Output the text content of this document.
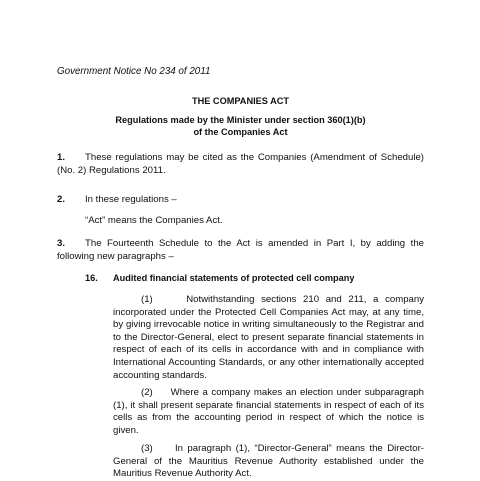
Government Notice No 234 of 2011
THE COMPANIES ACT
Regulations made by the Minister under section 360(1)(b)
of the Companies Act
1. These regulations may be cited as the Companies (Amendment of Schedule) (No. 2) Regulations 2011.
2. In these regulations –
“Act” means the Companies Act.
3. The Fourteenth Schedule to the Act is amended in Part I, by adding the following new paragraphs –
16. Audited financial statements of protected cell company
(1)	Notwithstanding sections 210 and 211, a company incorporated under the Protected Cell Companies Act may, at any time, by giving irrevocable notice in writing simultaneously to the Registrar and to the Director-General, elect to present separate financial statements in respect of each of its cells in accordance with and in compliance with International Accounting Standards, or any other internationally accepted accounting standards.
(2) Where a company makes an election under subparagraph (1), it shall present separate financial statements in respect of each of its cells as from the accounting period in respect of which the notice is given.
(3) In paragraph (1), “Director-General” means the Director-General of the Mauritius Revenue Authority established under the Mauritius Revenue Authority Act.
